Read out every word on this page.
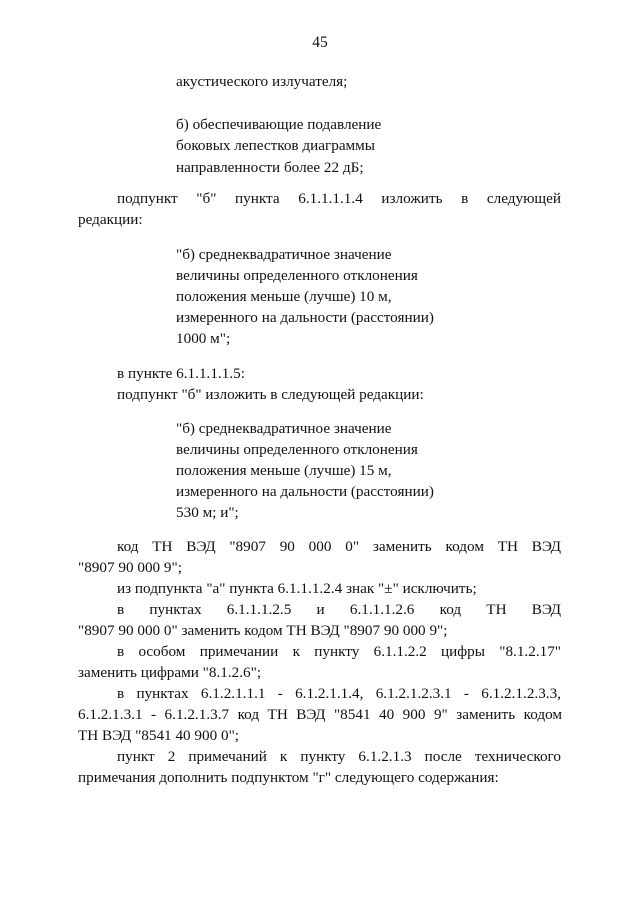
45
акустического излучателя;
б) обеспечивающие подавление
боковых лепестков диаграммы
направленности более 22 дБ;
подпункт "б" пункта 6.1.1.1.1.4 изложить в следующей
редакции:
"б) среднеквадратичное значение
величины определенного отклонения
положения меньше (лучше) 10 м,
измеренного на дальности (расстоянии)
1000 м";
в пункте 6.1.1.1.1.5:
подпункт "б" изложить в следующей редакции:
"б) среднеквадратичное значение
величины определенного отклонения
положения меньше (лучше) 15 м,
измеренного на дальности (расстоянии)
530 м; и";
код ТН ВЭД "8907 90 000 0" заменить кодом ТН ВЭД
"8907 90 000 9";
из подпункта "а" пункта 6.1.1.1.2.4 знак "±" исключить;
в пунктах 6.1.1.1.2.5 и 6.1.1.1.2.6 код ТН ВЭД
"8907 90 000 0" заменить кодом ТН ВЭД "8907 90 000 9";
в особом примечании к пункту 6.1.1.2.2 цифры "8.1.2.17"
заменить цифрами "8.1.2.6";
в пунктах 6.1.2.1.1.1 - 6.1.2.1.1.4, 6.1.2.1.2.3.1 - 6.1.2.1.2.3.3,
6.1.2.1.3.1 - 6.1.2.1.3.7 код ТН ВЭД "8541 40 900 9" заменить кодом
ТН ВЭД "8541 40 900 0";
пункт 2 примечаний к пункту 6.1.2.1.3 после технического
примечания дополнить подпунктом "г" следующего содержания:
